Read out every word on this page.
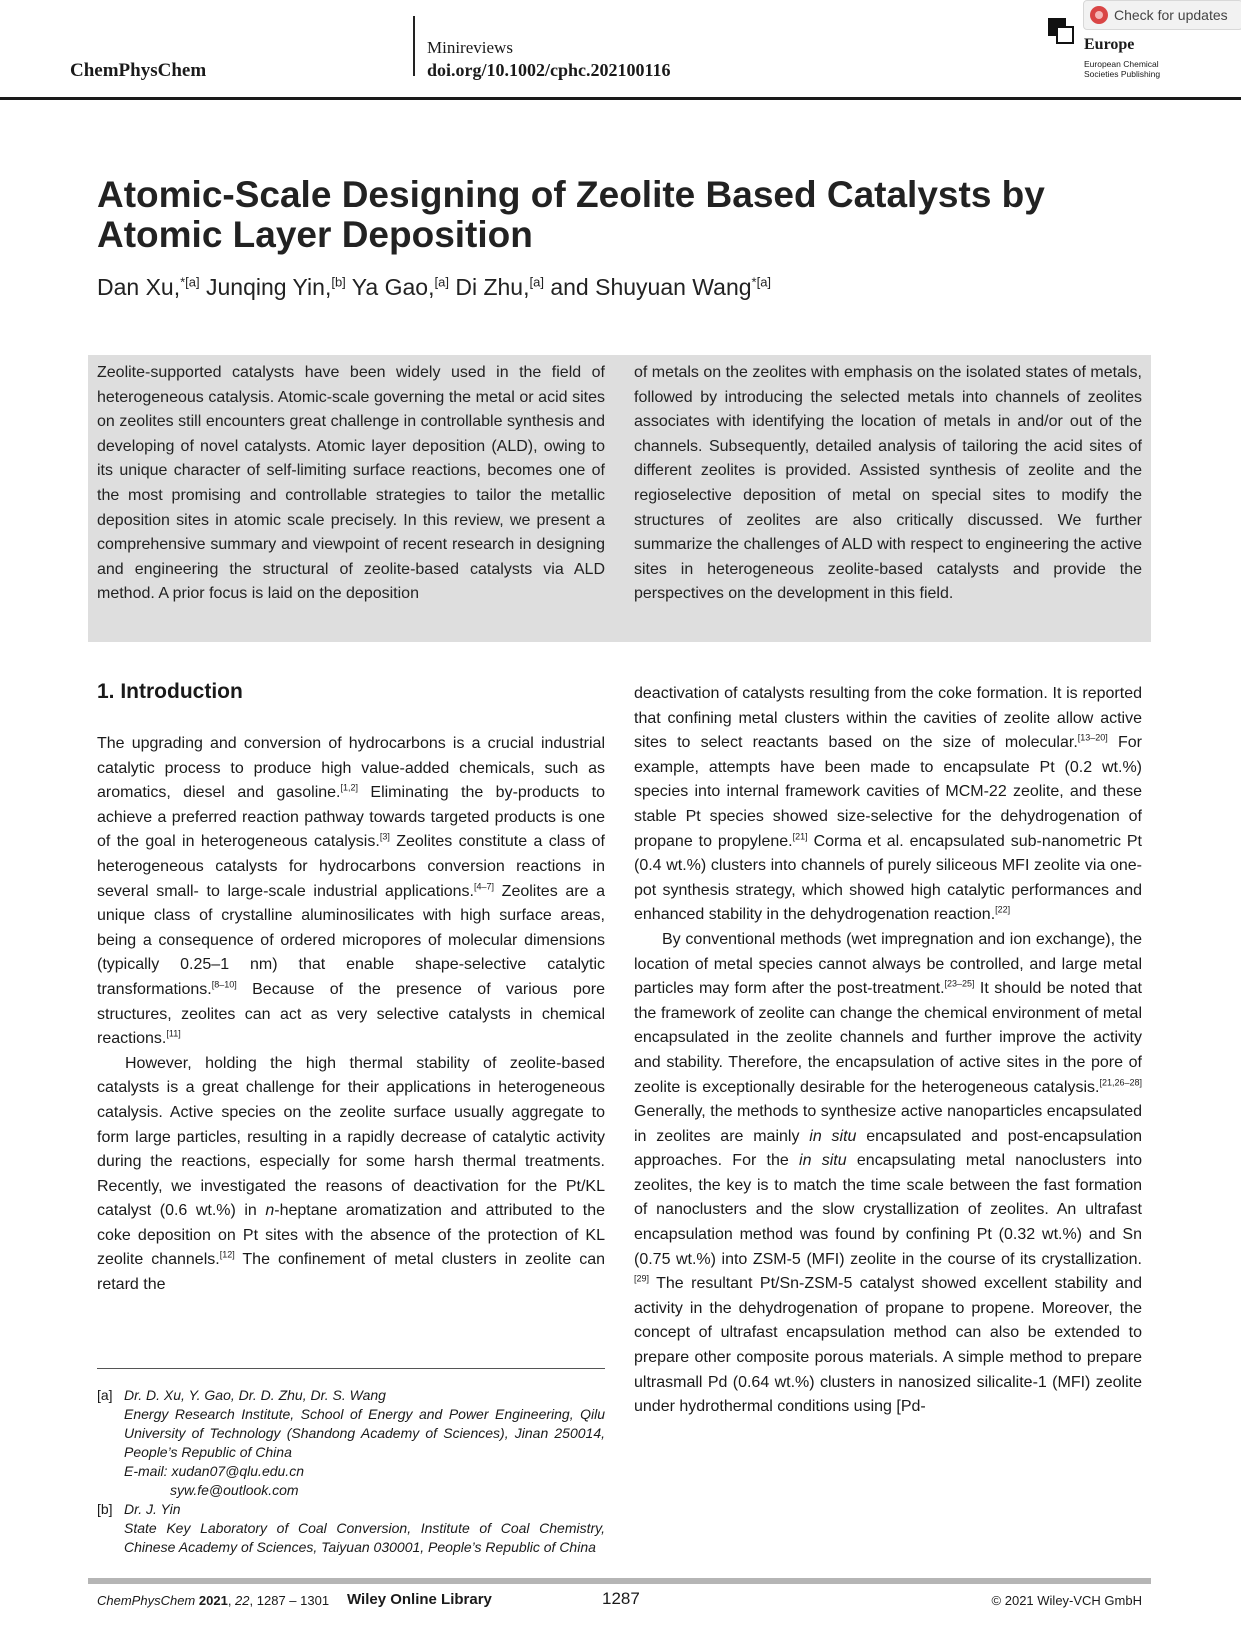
ChemPhysChem
Minireviews
doi.org/10.1002/cphc.202100116
Europe
European Chemical Societies Publishing
Check for updates
Atomic-Scale Designing of Zeolite Based Catalysts by Atomic Layer Deposition
Dan Xu,$^{*[a]}$ Junqing Yin,[b] Ya Gao,[a] Di Zhu,[a] and Shuyuan Wang$^{*[a]}$
Zeolite-supported catalysts have been widely used in the field of heterogeneous catalysis. Atomic-scale governing the metal or acid sites on zeolites still encounters great challenge in controllable synthesis and developing of novel catalysts. Atomic layer deposition (ALD), owing to its unique character of self-limiting surface reactions, becomes one of the most promising and controllable strategies to tailor the metallic deposition sites in atomic scale precisely. In this review, we present a comprehensive summary and viewpoint of recent research in designing and engineering the structural of zeolite-based catalysts via ALD method. A prior focus is laid on the deposition
of metals on the zeolites with emphasis on the isolated states of metals, followed by introducing the selected metals into channels of zeolites associates with identifying the location of metals in and/or out of the channels. Subsequently, detailed analysis of tailoring the acid sites of different zeolites is provided. Assisted synthesis of zeolite and the regioselective deposition of metal on special sites to modify the structures of zeolites are also critically discussed. We further summarize the challenges of ALD with respect to engineering the active sites in heterogeneous zeolite-based catalysts and provide the perspectives on the development in this field.
1. Introduction

The upgrading and conversion of hydrocarbons is a crucial industrial catalytic process to produce high value-added chemicals, such as aromatics, diesel and gasoline.[1,2] Eliminating the by-products to achieve a preferred reaction pathway towards targeted products is one of the goal in heterogeneous catalysis.[3] Zeolites constitute a class of heterogeneous catalysts for hydrocarbons conversion reactions in several small- to large-scale industrial applications.[4–7] Zeolites are a unique class of crystalline aluminosilicates with high surface areas, being a consequence of ordered micropores of molecular dimensions (typically 0.25–1 nm) that enable shape-selective catalytic transformations.[8–10] Because of the presence of various pore structures, zeolites can act as very selective catalysts in chemical reactions.[11]

However, holding the high thermal stability of zeolite-based catalysts is a great challenge for their applications in heterogeneous catalysis. Active species on the zeolite surface usually aggregate to form large particles, resulting in a rapidly decrease of catalytic activity during the reactions, especially for some harsh thermal treatments. Recently, we investigated the reasons of deactivation for the Pt/KL catalyst (0.6 wt.%) in n-heptane aromatization and attributed to the coke deposition on Pt sites with the absence of the protection of KL zeolite channels.[12] The confinement of metal clusters in zeolite can retard the

deactivation of catalysts resulting from the coke formation. It is reported that confining metal clusters within the cavities of zeolite allow active sites to select reactants based on the size of molecular.[13–20] For example, attempts have been made to encapsulate Pt (0.2 wt.%) species into internal framework cavities of MCM-22 zeolite, and these stable Pt species showed size-selective for the dehydrogenation of propane to propylene.[21] Corma et al. encapsulated sub-nanometric Pt (0.4 wt.%) clusters into channels of purely siliceous MFI zeolite via one-pot synthesis strategy, which showed high catalytic performances and enhanced stability in the dehydrogenation reaction.[22]

By conventional methods (wet impregnation and ion exchange), the location of metal species cannot always be controlled, and large metal particles may form after the post-treatment.[23–25] It should be noted that the framework of zeolite can change the chemical environment of metal encapsulated in the zeolite channels and further improve the activity and stability. Therefore, the encapsulation of active sites in the pore of zeolite is exceptionally desirable for the heterogeneous catalysis.[21,26–28] Generally, the methods to synthesize active nanoparticles encapsulated in zeolites are mainly in situ encapsulated and post-encapsulation approaches. For the in situ encapsulating metal nanoclusters into zeolites, the key is to match the time scale between the fast formation of nanoclusters and the slow crystallization of zeolites. An ultrafast encapsulation method was found by confining Pt (0.32 wt.%) and Sn (0.75 wt.%) into ZSM-5 (MFI) zeolite in the course of its crystallization.[29] The resultant Pt/Sn-ZSM-5 catalyst showed excellent stability and activity in the dehydrogenation of propane to propene. Moreover, the concept of ultrafast encapsulation method can also be extended to prepare other composite porous materials. A simple method to prepare ultrasmall Pd (0.64 wt.%) clusters in nanosized silicalite-1 (MFI) zeolite under hydrothermal conditions using [Pd-

[a] Dr. D. Xu, Y. Gao, Dr. D. Zhu, Dr. S. Wang
Energy Research Institute, School of Energy and Power Engineering, Qilu University of Technology (Shandong Academy of Sciences), Jinan 250014, People’s Republic of China
E-mail: xudan07@qlu.edu.cn
syw.fe@outlook.com
[b] Dr. J. Yin
State Key Laboratory of Coal Conversion, Institute of Coal Chemistry, Chinese Academy of Sciences, Taiyuan 030001, People’s Republic of China
ChemPhysChem 2021, 22, 1287 – 1301 Wiley Online Library	1287	© 2021 Wiley-VCH GmbH
